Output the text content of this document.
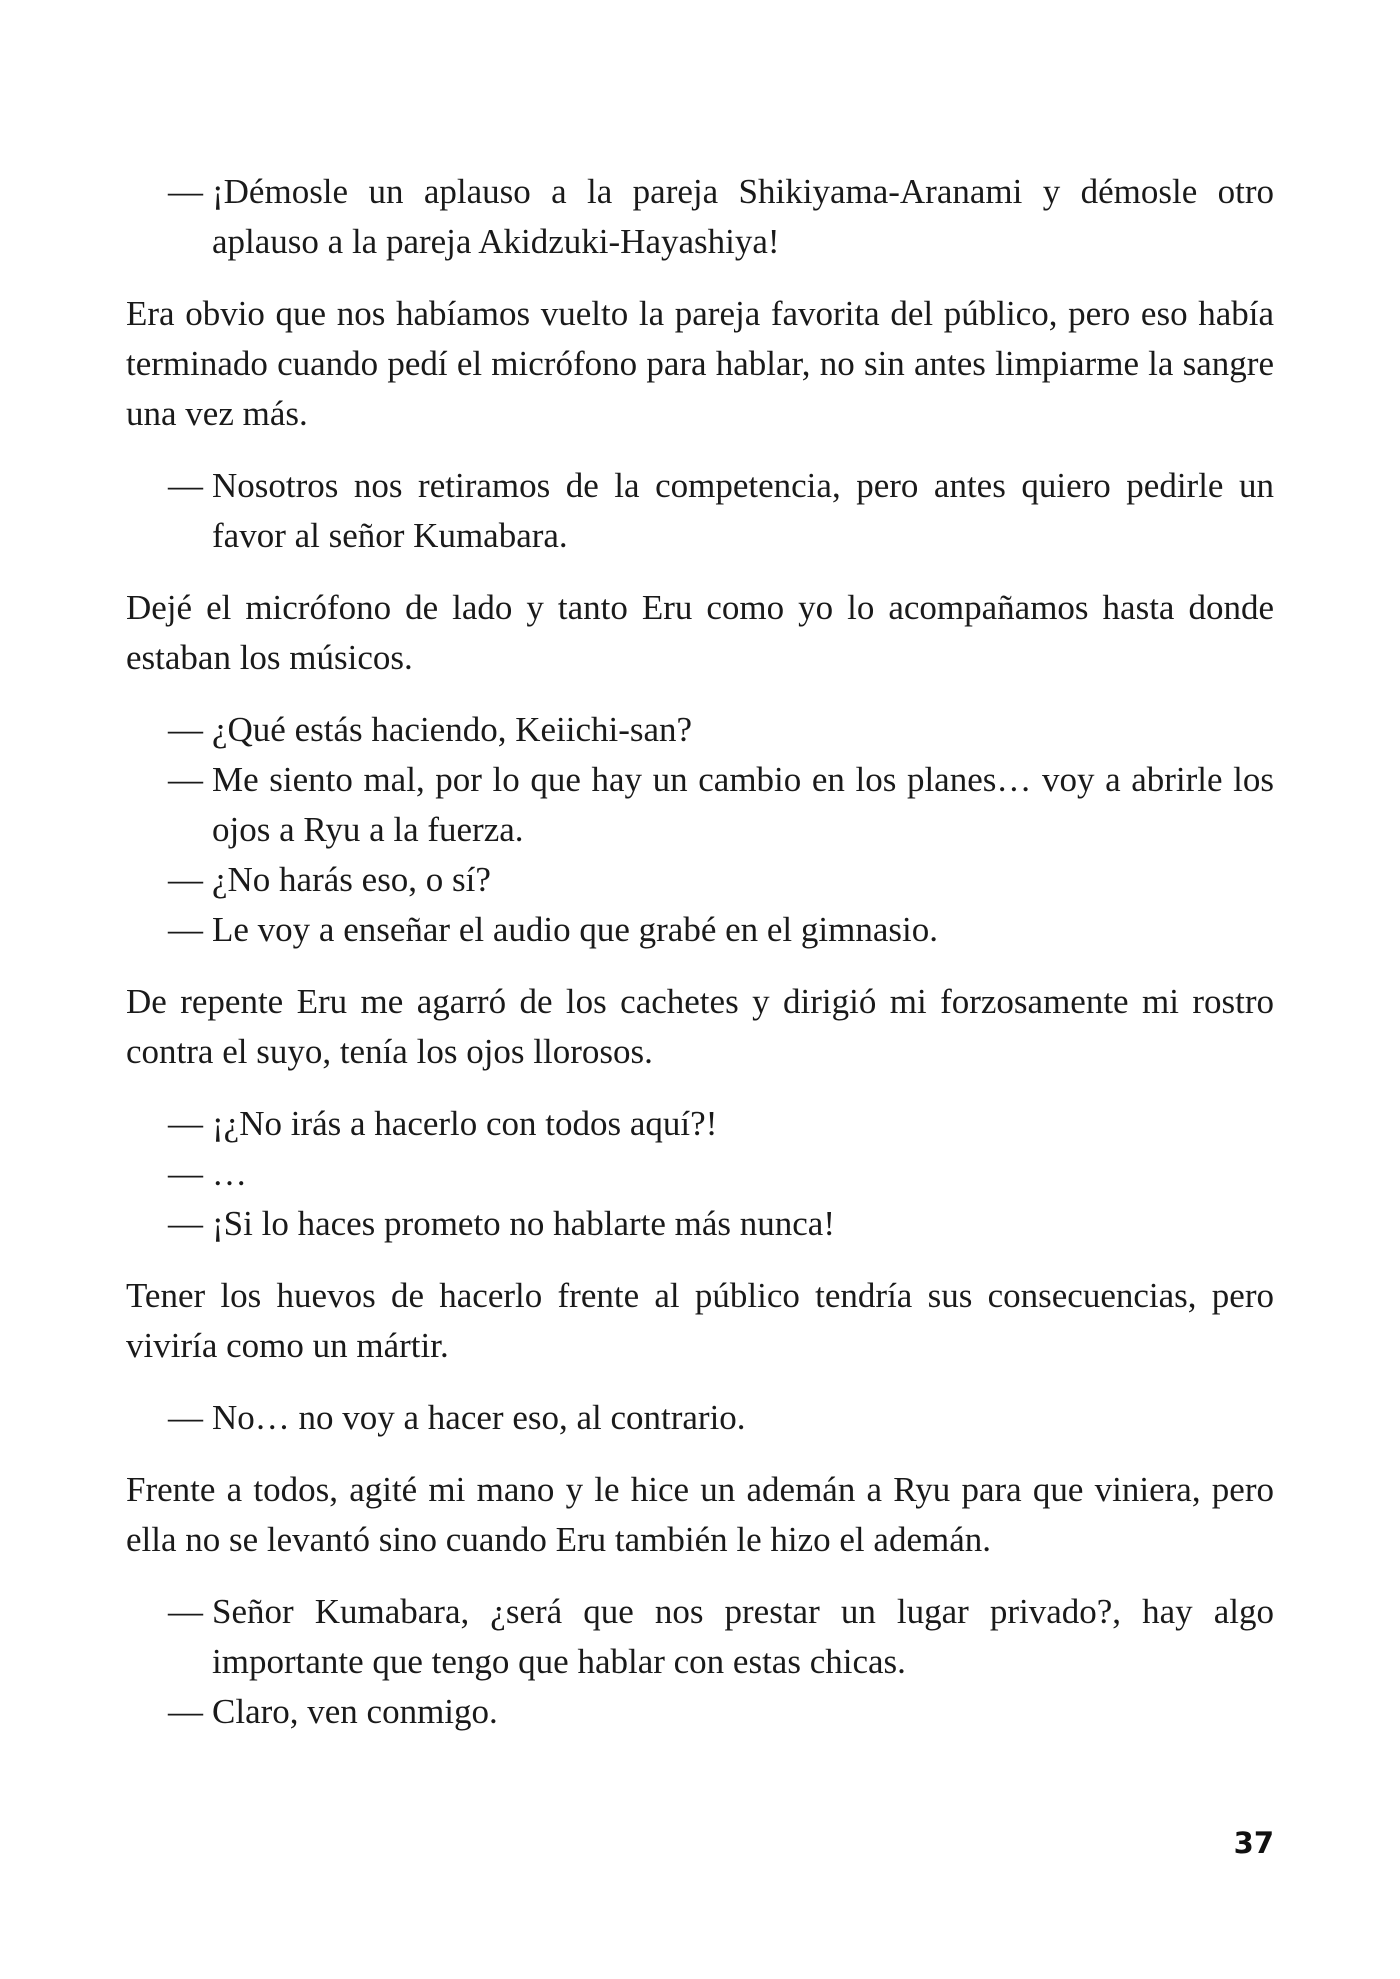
— ¡Démosle un aplauso a la pareja Shikiyama-Aranami y démosle otro aplauso a la pareja Akidzuki-Hayashiya!

Era obvio que nos habíamos vuelto la pareja favorita del público, pero eso había terminado cuando pedí el micrófono para hablar, no sin antes limpiarme la sangre una vez más.

— Nosotros nos retiramos de la competencia, pero antes quiero pedirle un favor al señor Kumabara.

Dejé el micrófono de lado y tanto Eru como yo lo acompañamos hasta donde estaban los músicos.

— ¿Qué estás haciendo, Keiichi-san?
— Me siento mal, por lo que hay un cambio en los planes… voy a abrirle los ojos a Ryu a la fuerza.
— ¿No harás eso, o sí?
— Le voy a enseñar el audio que grabé en el gimnasio.

De repente Eru me agarró de los cachetes y dirigió mi forzosamente mi rostro contra el suyo, tenía los ojos llorosos.

— ¡¿No irás a hacerlo con todos aquí?!
— …
— ¡Si lo haces prometo no hablarte más nunca!

Tener los huevos de hacerlo frente al público tendría sus consecuencias, pero viviría como un mártir.

— No… no voy a hacer eso, al contrario.

Frente a todos, agité mi mano y le hice un ademán a Ryu para que viniera, pero ella no se levantó sino cuando Eru también le hizo el ademán.

— Señor Kumabara, ¿será que nos prestar un lugar privado?, hay algo importante que tengo que hablar con estas chicas.
— Claro, ven conmigo.
37
